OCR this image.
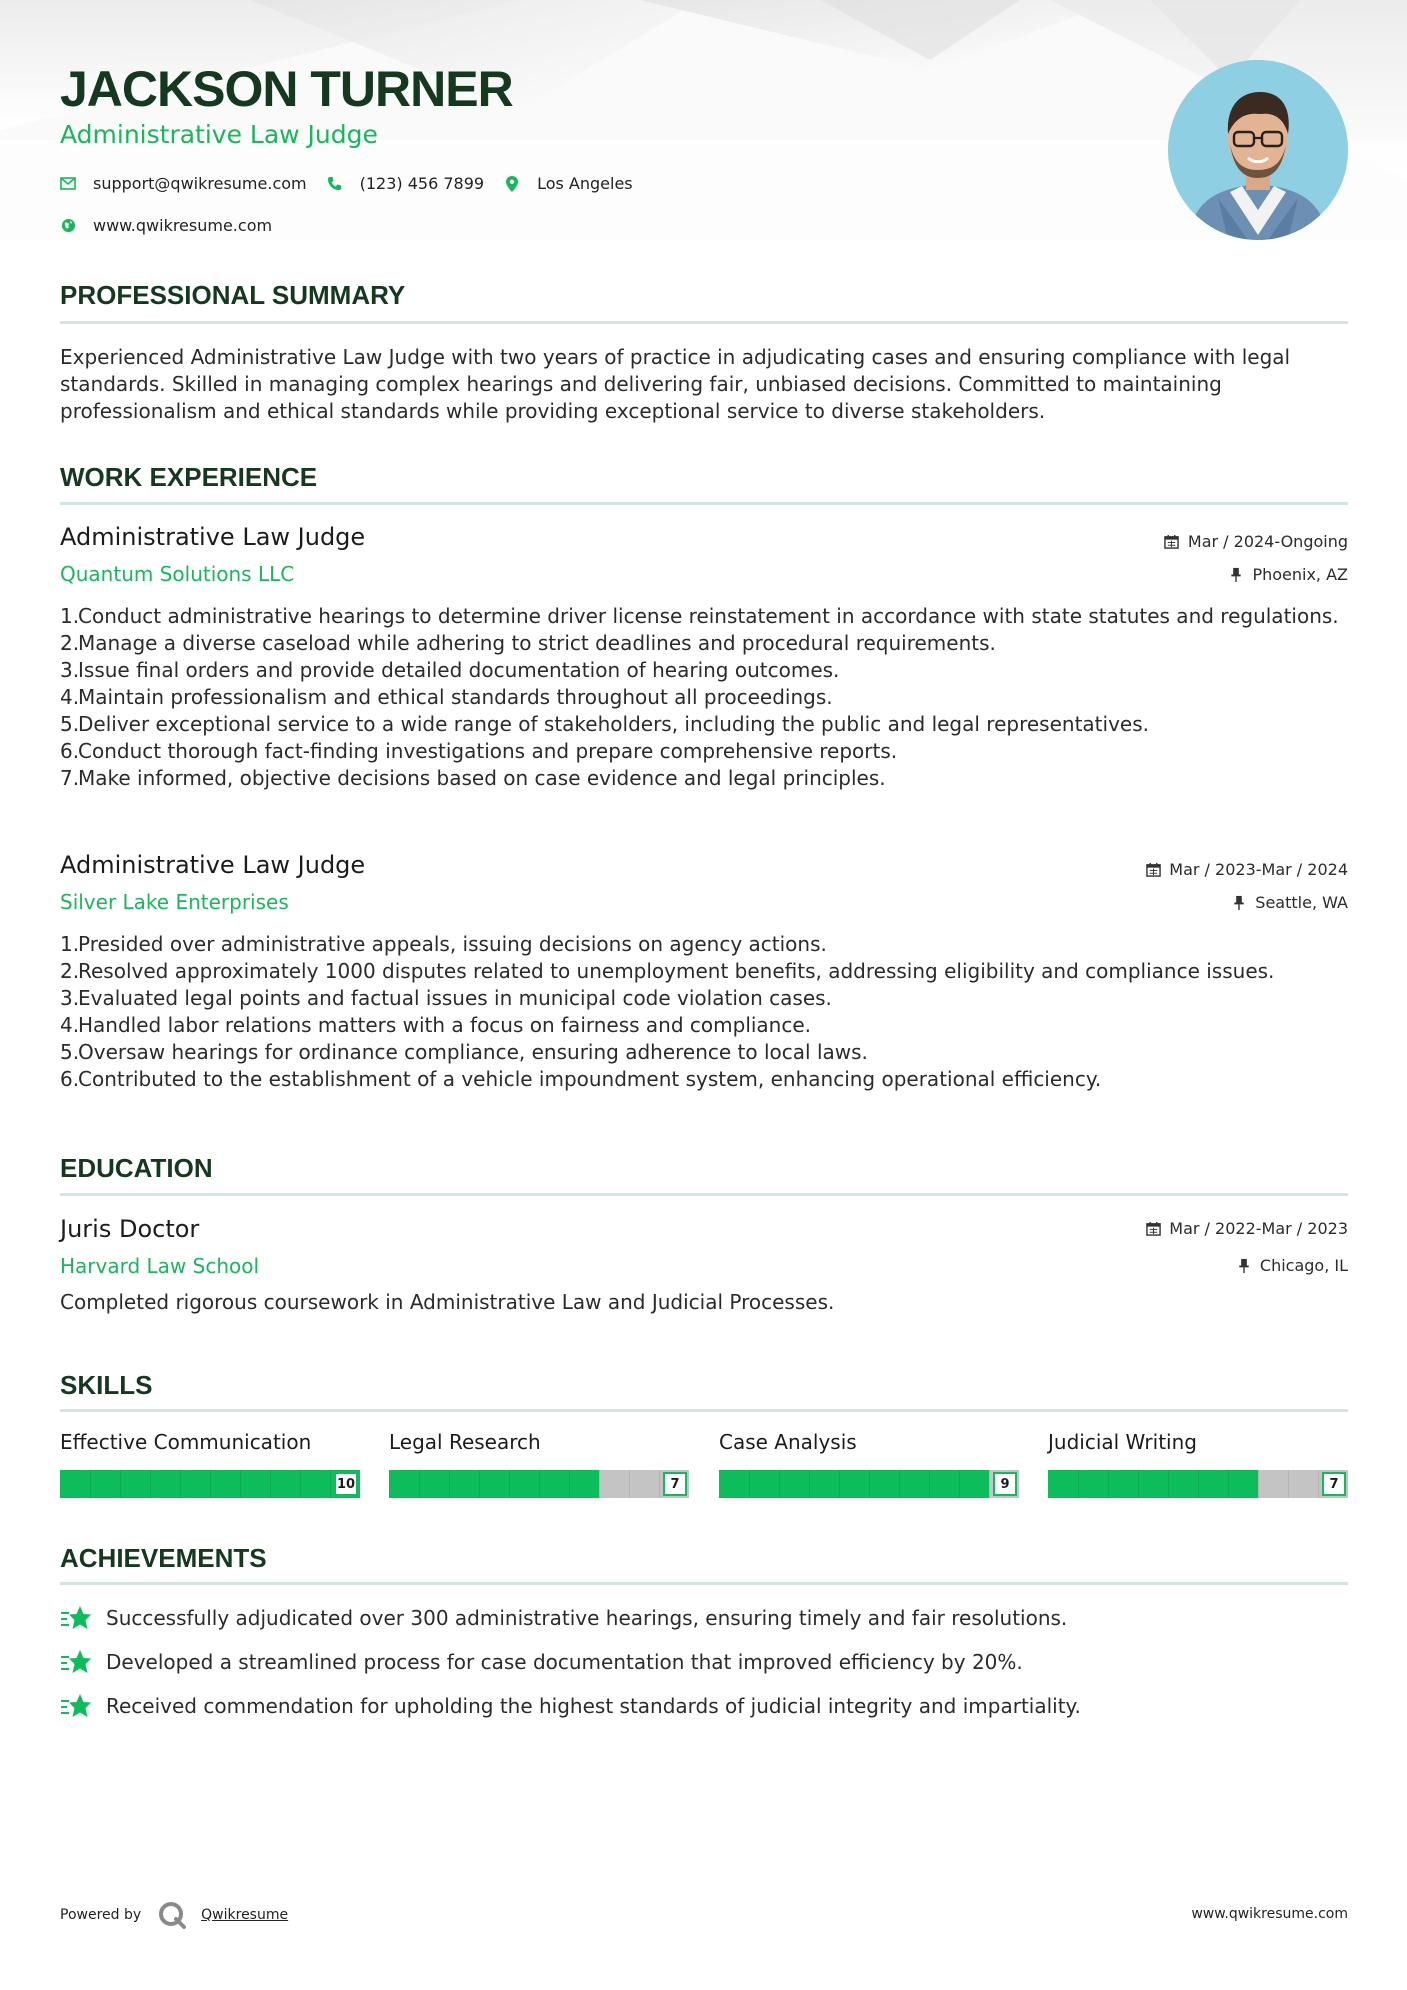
JACKSON TURNER
Administrative Law Judge
support@qwikresume.com	(123) 456 7899	Los Angeles
www.qwikresume.com
PROFESSIONAL SUMMARY
Experienced Administrative Law Judge with two years of practice in adjudicating cases and ensuring compliance with legal standards. Skilled in managing complex hearings and delivering fair, unbiased decisions. Committed to maintaining professionalism and ethical standards while providing exceptional service to diverse stakeholders.
WORK EXPERIENCE
Administrative Law Judge	Mar / 2024-Ongoing
Quantum Solutions LLC	Phoenix, AZ
1.
Conduct administrative hearings to determine driver license reinstatement in accordance with state statutes and regulations.
2.
Manage a diverse caseload while adhering to strict deadlines and procedural requirements.
3.
Issue final orders and provide detailed documentation of hearing outcomes.
4.
Maintain professionalism and ethical standards throughout all proceedings.
5.
Deliver exceptional service to a wide range of stakeholders, including the public and legal representatives.
6.
Conduct thorough fact-finding investigations and prepare comprehensive reports.
7.
Make informed, objective decisions based on case evidence and legal principles.
Administrative Law Judge	Mar / 2023-Mar / 2024
Silver Lake Enterprises	Seattle, WA
1.
Presided over administrative appeals, issuing decisions on agency actions.
2.
Resolved approximately 1000 disputes related to unemployment benefits, addressing eligibility and compliance issues.
3.
Evaluated legal points and factual issues in municipal code violation cases.
4.
Handled labor relations matters with a focus on fairness and compliance.
5.
Oversaw hearings for ordinance compliance, ensuring adherence to local laws.
6.
Contributed to the establishment of a vehicle impoundment system, enhancing operational efficiency.
EDUCATION
Juris Doctor	Mar / 2022-Mar / 2023
Harvard Law School	Chicago, IL
Completed rigorous coursework in Administrative Law and Judicial Processes.
SKILLS
Effective Communication
10
Legal Research
7
Case Analysis
9
Judicial Writing
7
ACHIEVEMENTS
Successfully adjudicated over 300 administrative hearings, ensuring timely and fair resolutions.
Developed a streamlined process for case documentation that improved efficiency by 20%.
Received commendation for upholding the highest standards of judicial integrity and impartiality.
Powered by	Qwikresume	www.qwikresume.com
